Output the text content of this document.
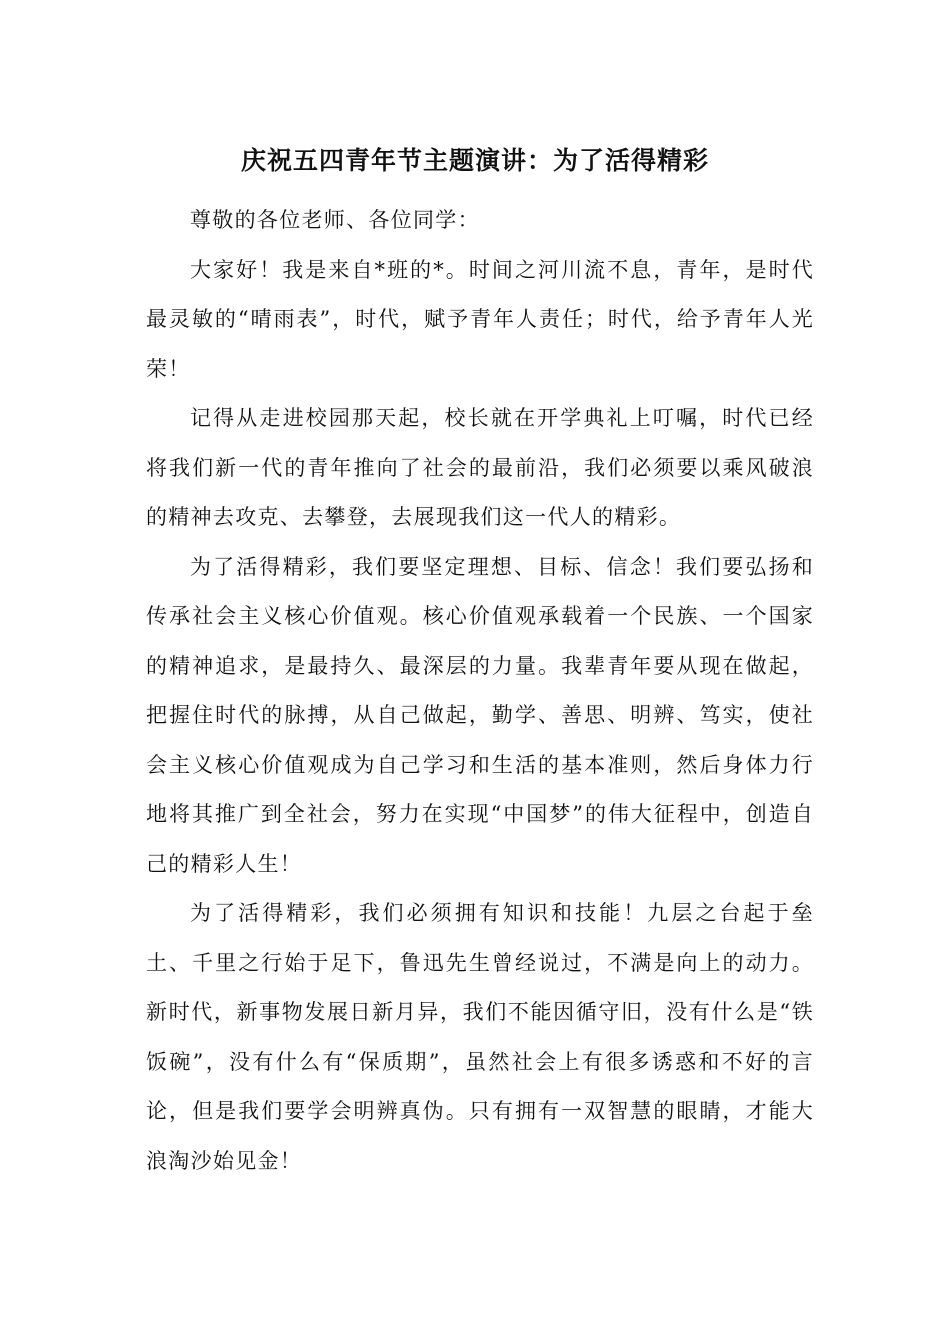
庆祝五四青年节主题演讲：为了活得精彩

尊敬的各位老师、各位同学：

大家好！我是来自*班的*。时间之河川流不息，青年，是时代最灵敏的“晴雨表”，时代，赋予青年人责任；时代，给予青年人光荣！

记得从走进校园那天起，校长就在开学典礼上叮嘱，时代已经将我们新一代的青年推向了社会的最前沿，我们必须要以乘风破浪的精神去攻克、去攀登，去展现我们这一代人的精彩。

为了活得精彩，我们要坚定理想、目标、信念！我们要弘扬和传承社会主义核心价值观。核心价值观承载着一个民族、一个国家的精神追求，是最持久、最深层的力量。我辈青年要从现在做起，把握住时代的脉搏，从自己做起，勤学、善思、明辨、笃实，使社会主义核心价值观成为自己学习和生活的基本准则，然后身体力行地将其推广到全社会，努力在实现“中国梦”的伟大征程中，创造自己的精彩人生！

为了活得精彩，我们必须拥有知识和技能！九层之台起于垒土、千里之行始于足下，鲁迅先生曾经说过，不满是向上的动力。新时代，新事物发展日新月异，我们不能因循守旧，没有什么是“铁饭碗”，没有什么有“保质期”，虽然社会上有很多诱惑和不好的言论，但是我们要学会明辨真伪。只有拥有一双智慧的眼睛，才能大浪淘沙始见金！
